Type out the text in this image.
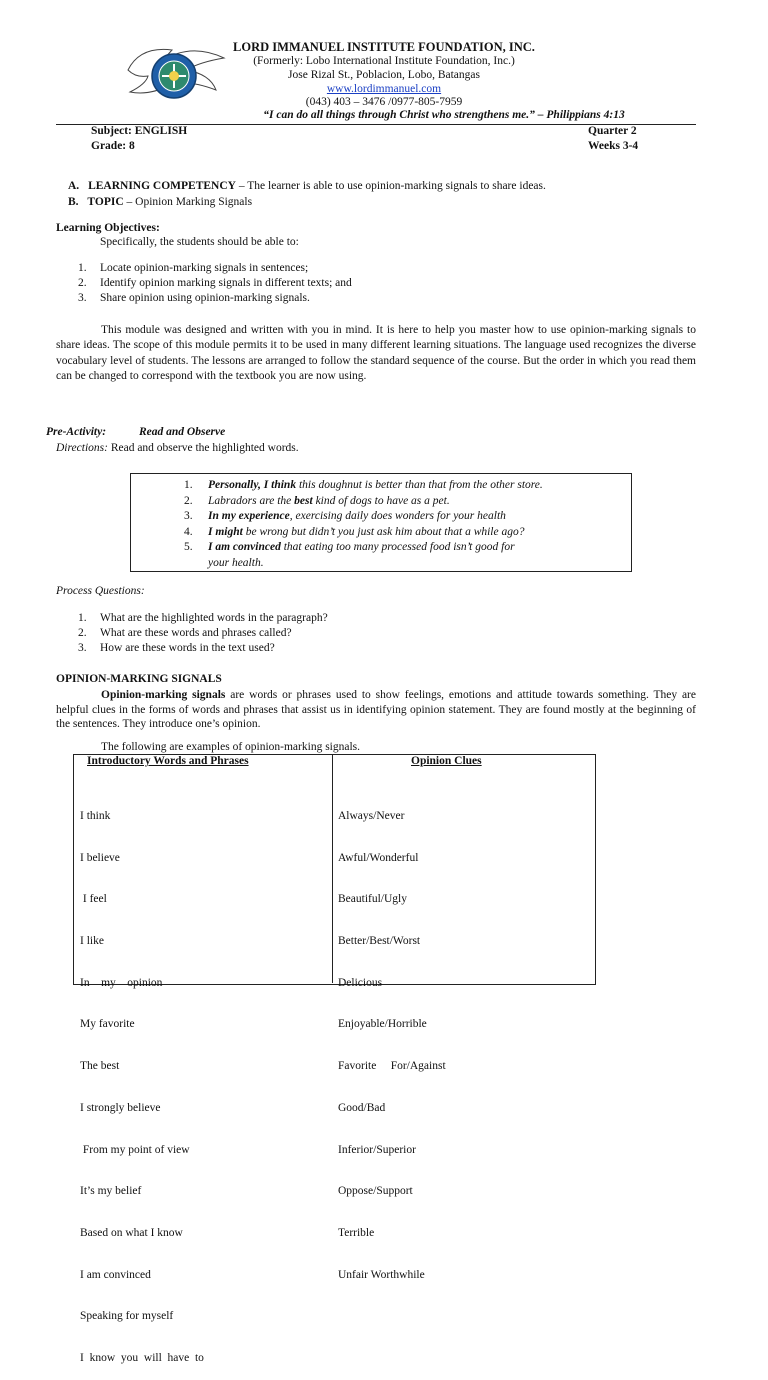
LORD IMMANUEL INSTITUTE FOUNDATION, INC.
(Formerly: Lobo International Institute Foundation, Inc.)
Jose Rizal St., Poblacion, Lobo, Batangas
www.lordimmanuel.com
(043) 403 – 3476 /0977-805-7959
“I can do all things through Christ who strengthens me.” – Philippians 4:13
Subject: ENGLISH
Grade: 8
Quarter 2
Weeks 3-4
A. LEARNING COMPETENCY – The learner is able to use opinion-marking signals to share ideas.
B. TOPIC – Opinion Marking Signals
Learning Objectives:
Specifically, the students should be able to:
1. Locate opinion-marking signals in sentences;
2. Identify opinion marking signals in different texts; and
3. Share opinion using opinion-marking signals.
This module was designed and written with you in mind. It is here to help you master how to use opinion-marking signals to share ideas. The scope of this module permits it to be used in many different learning situations. The language used recognizes the diverse vocabulary level of students. The lessons are arranged to follow the standard sequence of the course. But the order in which you read them can be changed to correspond with the textbook you are now using.
Pre-Activity:	Read and Observe
Directions: Read and observe the highlighted words.
1. Personally, I think this doughnut is better than that from the other store.
2. Labradors are the best kind of dogs to have as a pet.
3. In my experience, exercising daily does wonders for your health
4. I might be wrong but didn’t you just ask him about that a while ago?
5. I am convinced that eating too many processed food isn’t good for
your health.
Process Questions:
1. What are the highlighted words in the paragraph?
2. What are these words and phrases called?
3. How are these words in the text used?
OPINION-MARKING SIGNALS
Opinion-marking signals are words or phrases used to show feelings, emotions and attitude towards something. They are helpful clues in the forms of words and phrases that assist us in identifying opinion statement. They are found mostly at the beginning of the sentences. They introduce one’s opinion.
The following are examples of opinion-marking signals.
Introductory Words and Phrases	Opinion Clues

I think

I believe

I feel

I like

In    my    opinion

My favorite

The best

I strongly believe

From my point of view

It’s my belief

Based on what I know

I am convinced

Speaking for myself

I  know  you  will  have  to

Always/Never

Awful/Wonderful

Beautiful/Ugly

Better/Best/Worst

Delicious

Enjoyable/Horrible

Favorite     For/Against

Good/Bad

Inferior/Superior

Oppose/Support

Terrible

Unfair Worthwhile
